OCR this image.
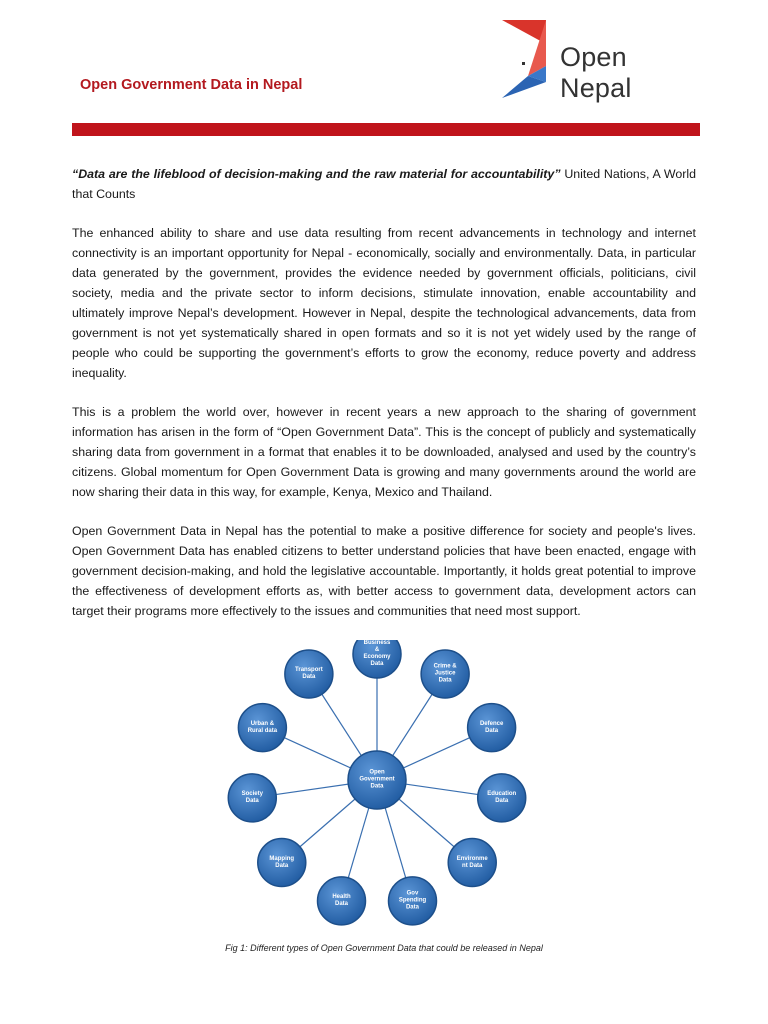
Open Government Data in Nepal
Open Nepal

“Data are the lifeblood of decision-making and the raw material for accountability” United Nations, A World that Counts

The enhanced ability to share and use data resulting from recent advancements in technology and internet connectivity is an important opportunity for Nepal - economically, socially and environmentally. Data, in particular data generated by the government, provides the evidence needed by government officials, politicians, civil society, media and the private sector to inform decisions, stimulate innovation, enable accountability and ultimately improve Nepal’s development. However in Nepal, despite the technological advancements, data from government is not yet systematically shared in open formats and so it is not yet widely used by the range of people who could be supporting the government’s efforts to grow the economy, reduce poverty and address inequality.

This is a problem the world over, however in recent years a new approach to the sharing of government information has arisen in the form of “Open Government Data”. This is the concept of publicly and systematically sharing data from government in a format that enables it to be downloaded, analysed and used by the country’s citizens. Global momentum for Open Government Data is growing and many governments around the world are now sharing their data in this way, for example, Kenya, Mexico and Thailand.

Open Government Data in Nepal has the potential to make a positive difference for society and people's lives. Open Government Data has enabled citizens to better understand policies that have been enacted, engage with government decision-making, and hold the legislative accountable. Importantly, it holds great potential to improve the effectiveness of development efforts as, with better access to government data, development actors can target their programs more effectively to the issues and communities that need most support.

Open
Government
Data
Business
&
Economy
Data	Crime &
Justice
Data
Defence
Data
Education
Data
Environme
nt Data
Gov
Spending
Data
Health
Data
Mapping
Data
Society
Data
Urban &
Rural data
Transport
Data
Fig 1: Different types of Open Government Data that could be released in Nepal
